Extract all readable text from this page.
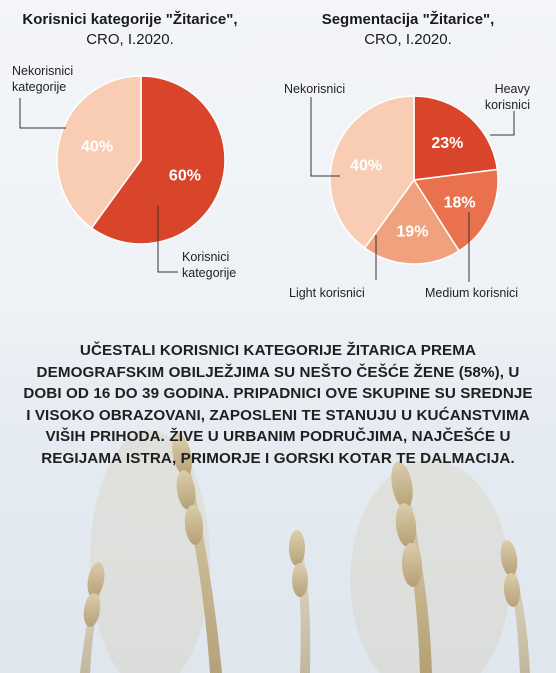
Korisnici kategorije "Žitarice",
CRO, I.2020.
Segmentacija "Žitarice",
CRO, I.2020.
60%
40%	23%
18%
19%
40%
Nekorisnici
kategorije
Korisnici
kategorije
Nekorisnici	Heavy
korisnici
Medium korisnici
Light korisnici
UČESTALI KORISNICI KATEGORIJE ŽITARICA PREMA
DEMOGRAFSKIM OBILJEŽJIMA SU NEŠTO ČEŠĆE ŽENE (58%), U
DOBI OD 16 DO 39 GODINA. PRIPADNICI OVE SKUPINE SU SREDNJE
I VISOKO OBRAZOVANI, ZAPOSLENI TE STANUJU U KUĆANSTVIMA
VIŠIH PRIHODA. ŽIVE U URBANIM PODRUČJIMA, NAJČEŠĆE U
REGIJAMA ISTRA, PRIMORJE I GORSKI KOTAR TE DALMACIJA.
